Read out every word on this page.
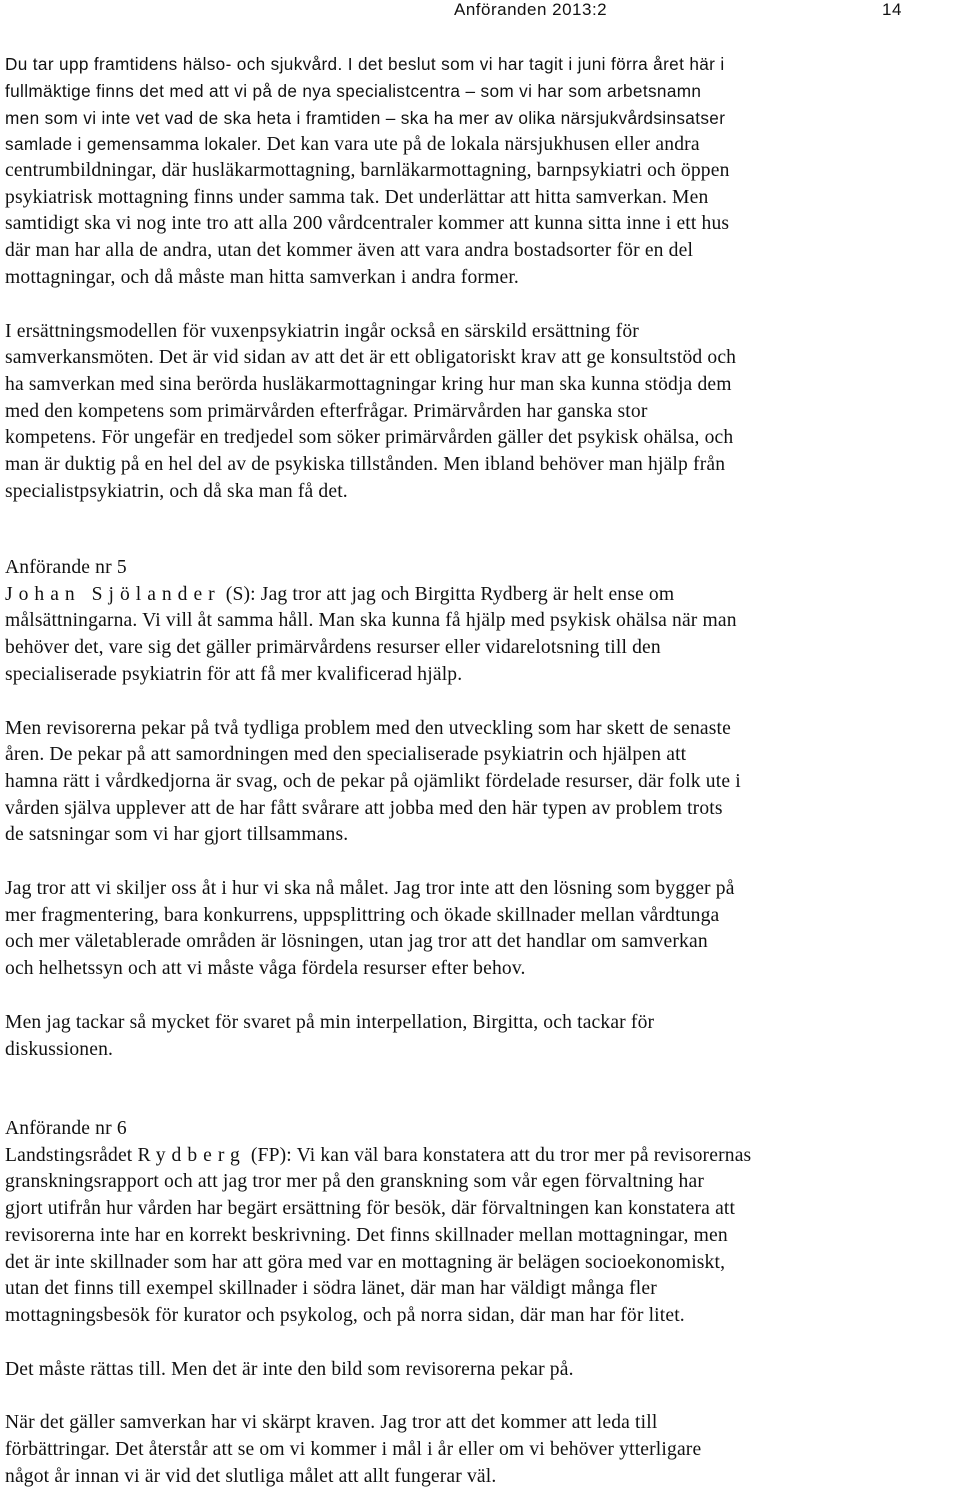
Anföranden 2013:2	14

Du tar upp framtidens hälso- och sjukvård. I det beslut som vi har tagit i juni förra året här i

fullmäktige finns det med att vi på de nya specialistcentra – som vi har som arbetsnamn

men som vi inte vet vad de ska heta i framtiden – ska ha mer av olika närsjukvårdsinsatser

samlade i gemensamma lokaler. Det kan vara ute på de lokala närsjukhusen eller andra

centrumbildningar, där husläkarmottagning, barnläkarmottagning, barnpsykiatri och öppen

psykiatrisk mottagning finns under samma tak. Det underlättar att hitta samverkan. Men

samtidigt ska vi nog inte tro att alla 200 vårdcentraler kommer att kunna sitta inne i ett hus

där man har alla de andra, utan det kommer även att vara andra bostadsorter för en del

mottagningar, och då måste man hitta samverkan i andra former.

I ersättningsmodellen för vuxenpsykiatrin ingår också en särskild ersättning för

samverkansmöten. Det är vid sidan av att det är ett obligatoriskt krav att ge konsultstöd och

ha samverkan med sina berörda husläkarmottagningar kring hur man ska kunna stödja dem

med den kompetens som primärvården efterfrågar. Primärvården har ganska stor

kompetens. För ungefär en tredjedel som söker primärvården gäller det psykisk ohälsa, och

man är duktig på en hel del av de psykiska tillstånden. Men ibland behöver man hjälp från

specialistpsykiatrin, och då ska man få det.

Anförande nr 5

Johan Sjölander (S): Jag tror att jag och Birgitta Rydberg är helt ense om

målsättningarna. Vi vill åt samma håll. Man ska kunna få hjälp med psykisk ohälsa när man

behöver det, vare sig det gäller primärvårdens resurser eller vidarelotsning till den

specialiserade psykiatrin för att få mer kvalificerad hjälp.

Men revisorerna pekar på två tydliga problem med den utveckling som har skett de senaste

åren. De pekar på att samordningen med den specialiserade psykiatrin och hjälpen att

hamna rätt i vårdkedjorna är svag, och de pekar på ojämlikt fördelade resurser, där folk ute i

vården själva upplever att de har fått svårare att jobba med den här typen av problem trots

de satsningar som vi har gjort tillsammans.

Jag tror att vi skiljer oss åt i hur vi ska nå målet. Jag tror inte att den lösning som bygger på

mer fragmentering, bara konkurrens, uppsplittring och ökade skillnader mellan vårdtunga

och mer väletablerade områden är lösningen, utan jag tror att det handlar om samverkan

och helhetssyn och att vi måste våga fördela resurser efter behov.

Men jag tackar så mycket för svaret på min interpellation, Birgitta, och tackar för

diskussionen.

Anförande nr 6

Landstingsrådet Rydberg (FP): Vi kan väl bara konstatera att du tror mer på revisorernas

granskningsrapport och att jag tror mer på den granskning som vår egen förvaltning har

gjort utifrån hur vården har begärt ersättning för besök, där förvaltningen kan konstatera att

revisorerna inte har en korrekt beskrivning. Det finns skillnader mellan mottagningar, men

det är inte skillnader som har att göra med var en mottagning är belägen socioekonomiskt,

utan det finns till exempel skillnader i södra länet, där man har väldigt många fler

mottagningsbesök för kurator och psykolog, och på norra sidan, där man har för litet.

Det måste rättas till. Men det är inte den bild som revisorerna pekar på.

När det gäller samverkan har vi skärpt kraven. Jag tror att det kommer att leda till

förbättringar. Det återstår att se om vi kommer i mål i år eller om vi behöver ytterligare

något år innan vi är vid det slutliga målet att allt fungerar väl.
